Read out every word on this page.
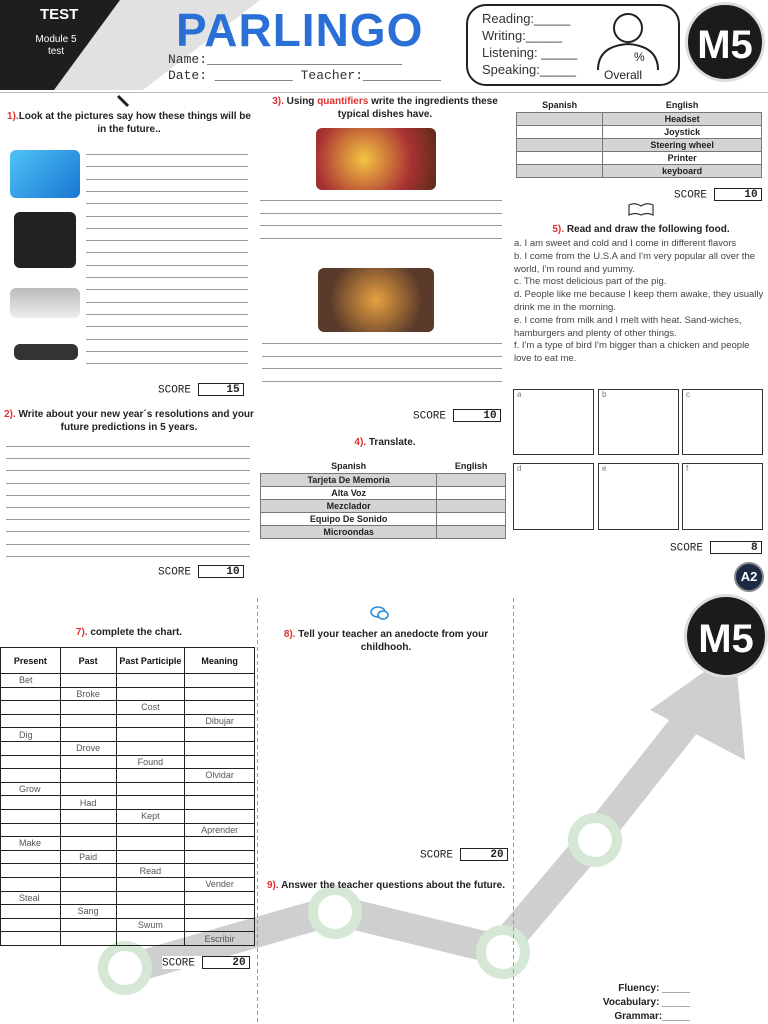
TEST
Module 5
test	PARLINGO
Name:_________________________
Date: __________ Teacher:__________
Reading:_____
Writing:_____
Listening: _____
Speaking:_____
%
Overall
M5
1).Look at the pictures say how these things will be in the future..
SCORE	15
2). Write about your new year´s resolutions and your future predictions in 5 years.
SCORE	10
3). Using quantifiers write the ingredients these typical dishes have.
SCORE	10
4). Translate.
Spanish	English
Tarjeta De Memoria	
Alta Voz	
Mezclador	
Equipo De Sonido	
Microondas	
Spanish	English
	Headset
	Joystick
	Steering wheel
	Printer
	keyboard
SCORE	10
5). Read and draw the following food.
a. I am sweet and cold and I come in different flavors
b. I come from the U.S.A and I'm very popular all over the world, I'm round and yummy.
c. The most delicious part of the pig.
d. People like me because I keep them awake, they usually drink me in the morning.
e. I come from milk and I melt with heat. Sand-wiches, hamburgers and plenty of other things.
f. I'm a type of bird I'm bigger than a chicken and people love to eat me.
a	b	c
d	e	f
SCORE	8
A2
7). complete the chart.
Present	Past	Past Participle	Meaning
Bet			
	Broke		
		Cost	
			Dibujar
Dig			
	Drove		
		Found	
			Olvidar
Grow			
	Had		
		Kept	
			Aprender
Make			
	Paid		
		Read	
			Vender
Steal			
	Sang		
		Swum	
			Escribir
SCORE	20
8). Tell your teacher an anedocte from your childhooh.
SCORE	20
9). Answer the teacher questions about the future.
M5
Fluency: _____
Vocabulary: _____
Grammar:_____
